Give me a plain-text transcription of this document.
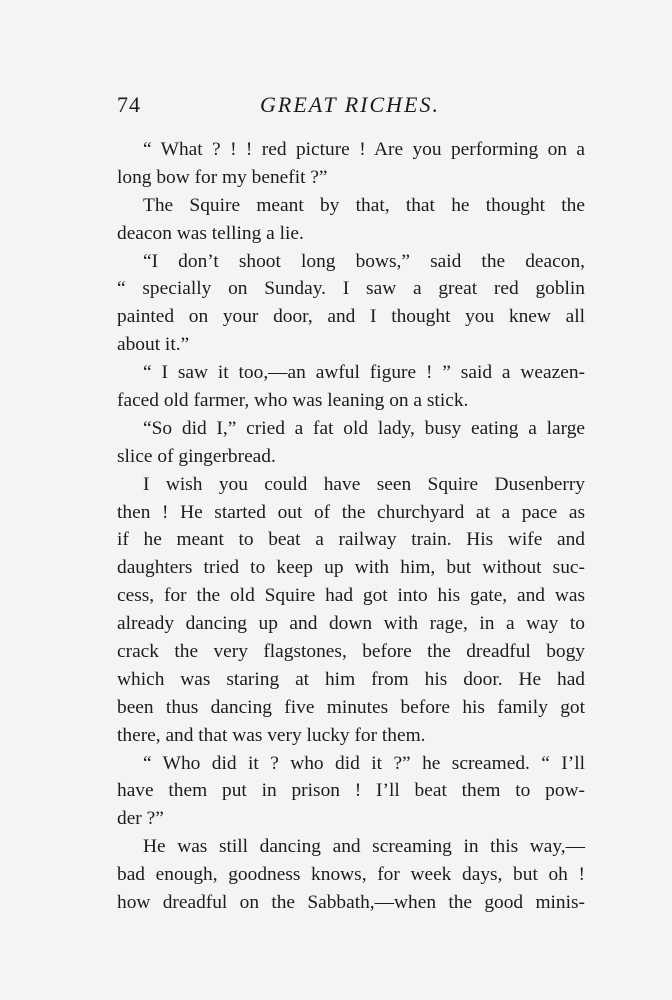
74	GREAT RICHES.
“ What ? ! ! red picture ! Are you performing on a
long bow for my benefit ?”
The Squire meant by that, that he thought the
deacon was telling a lie.
“I don’t shoot long bows,” said the deacon,
“ specially on Sunday. I saw a great red goblin
painted on your door, and I thought you knew all
about it.”
“ I saw it too,—an awful figure ! ” said a weazen-
faced old farmer, who was leaning on a stick.
“So did I,” cried a fat old lady, busy eating a large
slice of gingerbread.
I wish you could have seen Squire Dusenberry
then ! He started out of the churchyard at a pace as
if he meant to beat a railway train. His wife and
daughters tried to keep up with him, but without suc-
cess, for the old Squire had got into his gate, and was
already dancing up and down with rage, in a way to
crack the very flagstones, before the dreadful bogy
which was staring at him from his door. He had
been thus dancing five minutes before his family got
there, and that was very lucky for them.
“ Who did it ? who did it ?” he screamed. “ I’ll
have them put in prison ! I’ll beat them to pow-
der ?”
He was still dancing and screaming in this way,—
bad enough, goodness knows, for week days, but oh !
how dreadful on the Sabbath,—when the good minis-
